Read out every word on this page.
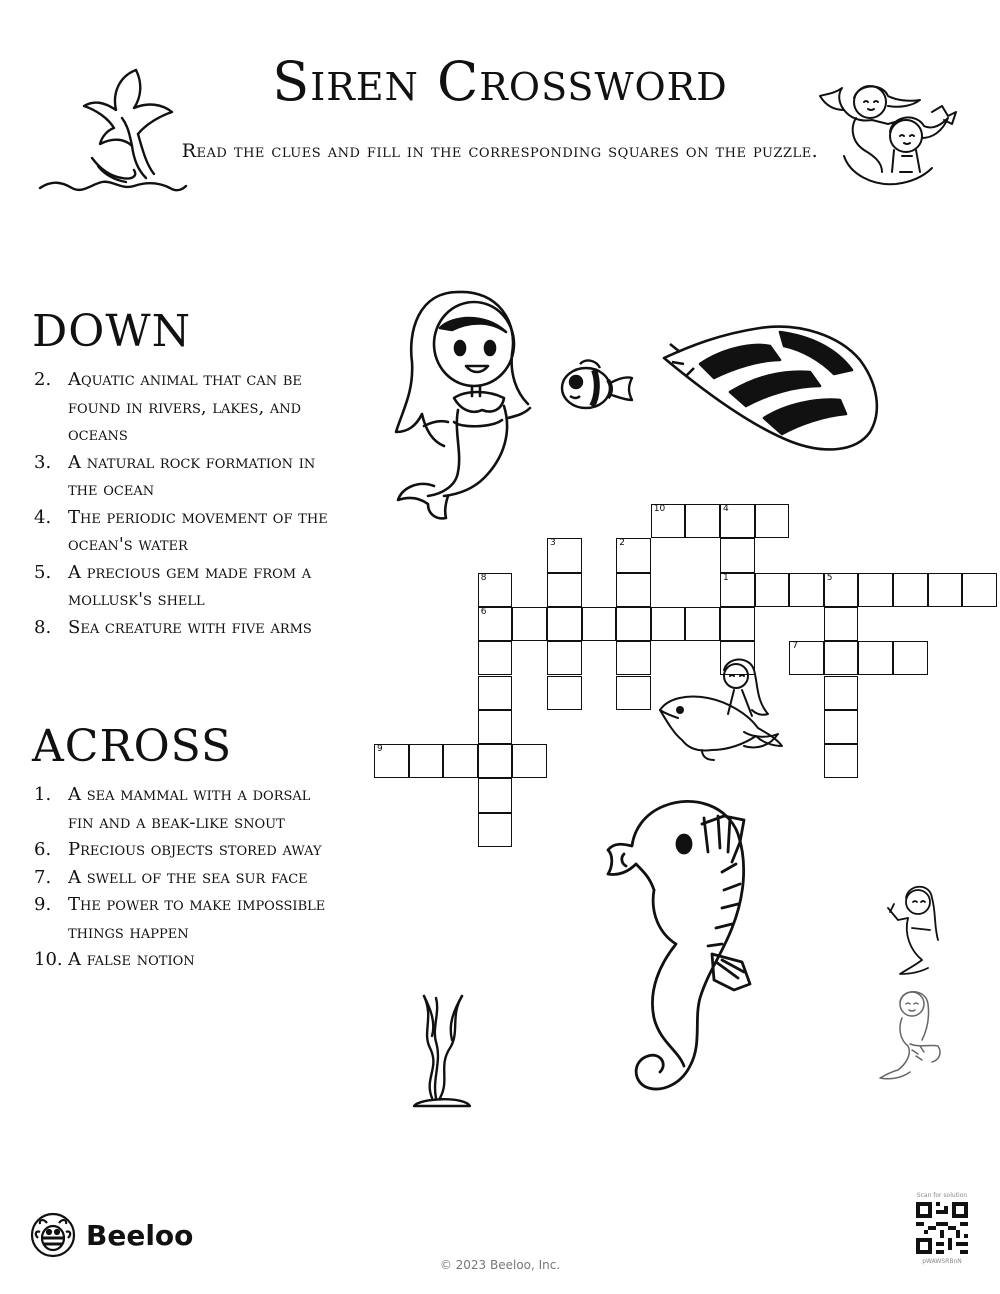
Siren Crossword
Read the clues and fill in the corresponding squares on the puzzle.
DOWN
2. Aquatic animal that can be found in rivers, lakes, and oceans
3. A natural rock formation in the ocean
4. The periodic movement of the ocean's water
5. A precious gem made from a mollusk's shell
8. Sea creature with five arms
ACROSS
1. A sea mammal with a dorsal fin and a beak-like snout
6. Precious objects stored away
7. A swell of the sea sur face
9. The power to make impossible things happen
10. A false notion
10	4
1
3	2
5
8
6
7
9
Beeloo
© 2023 Beeloo, Inc.
Scan for solution
pWAWSRBnN
